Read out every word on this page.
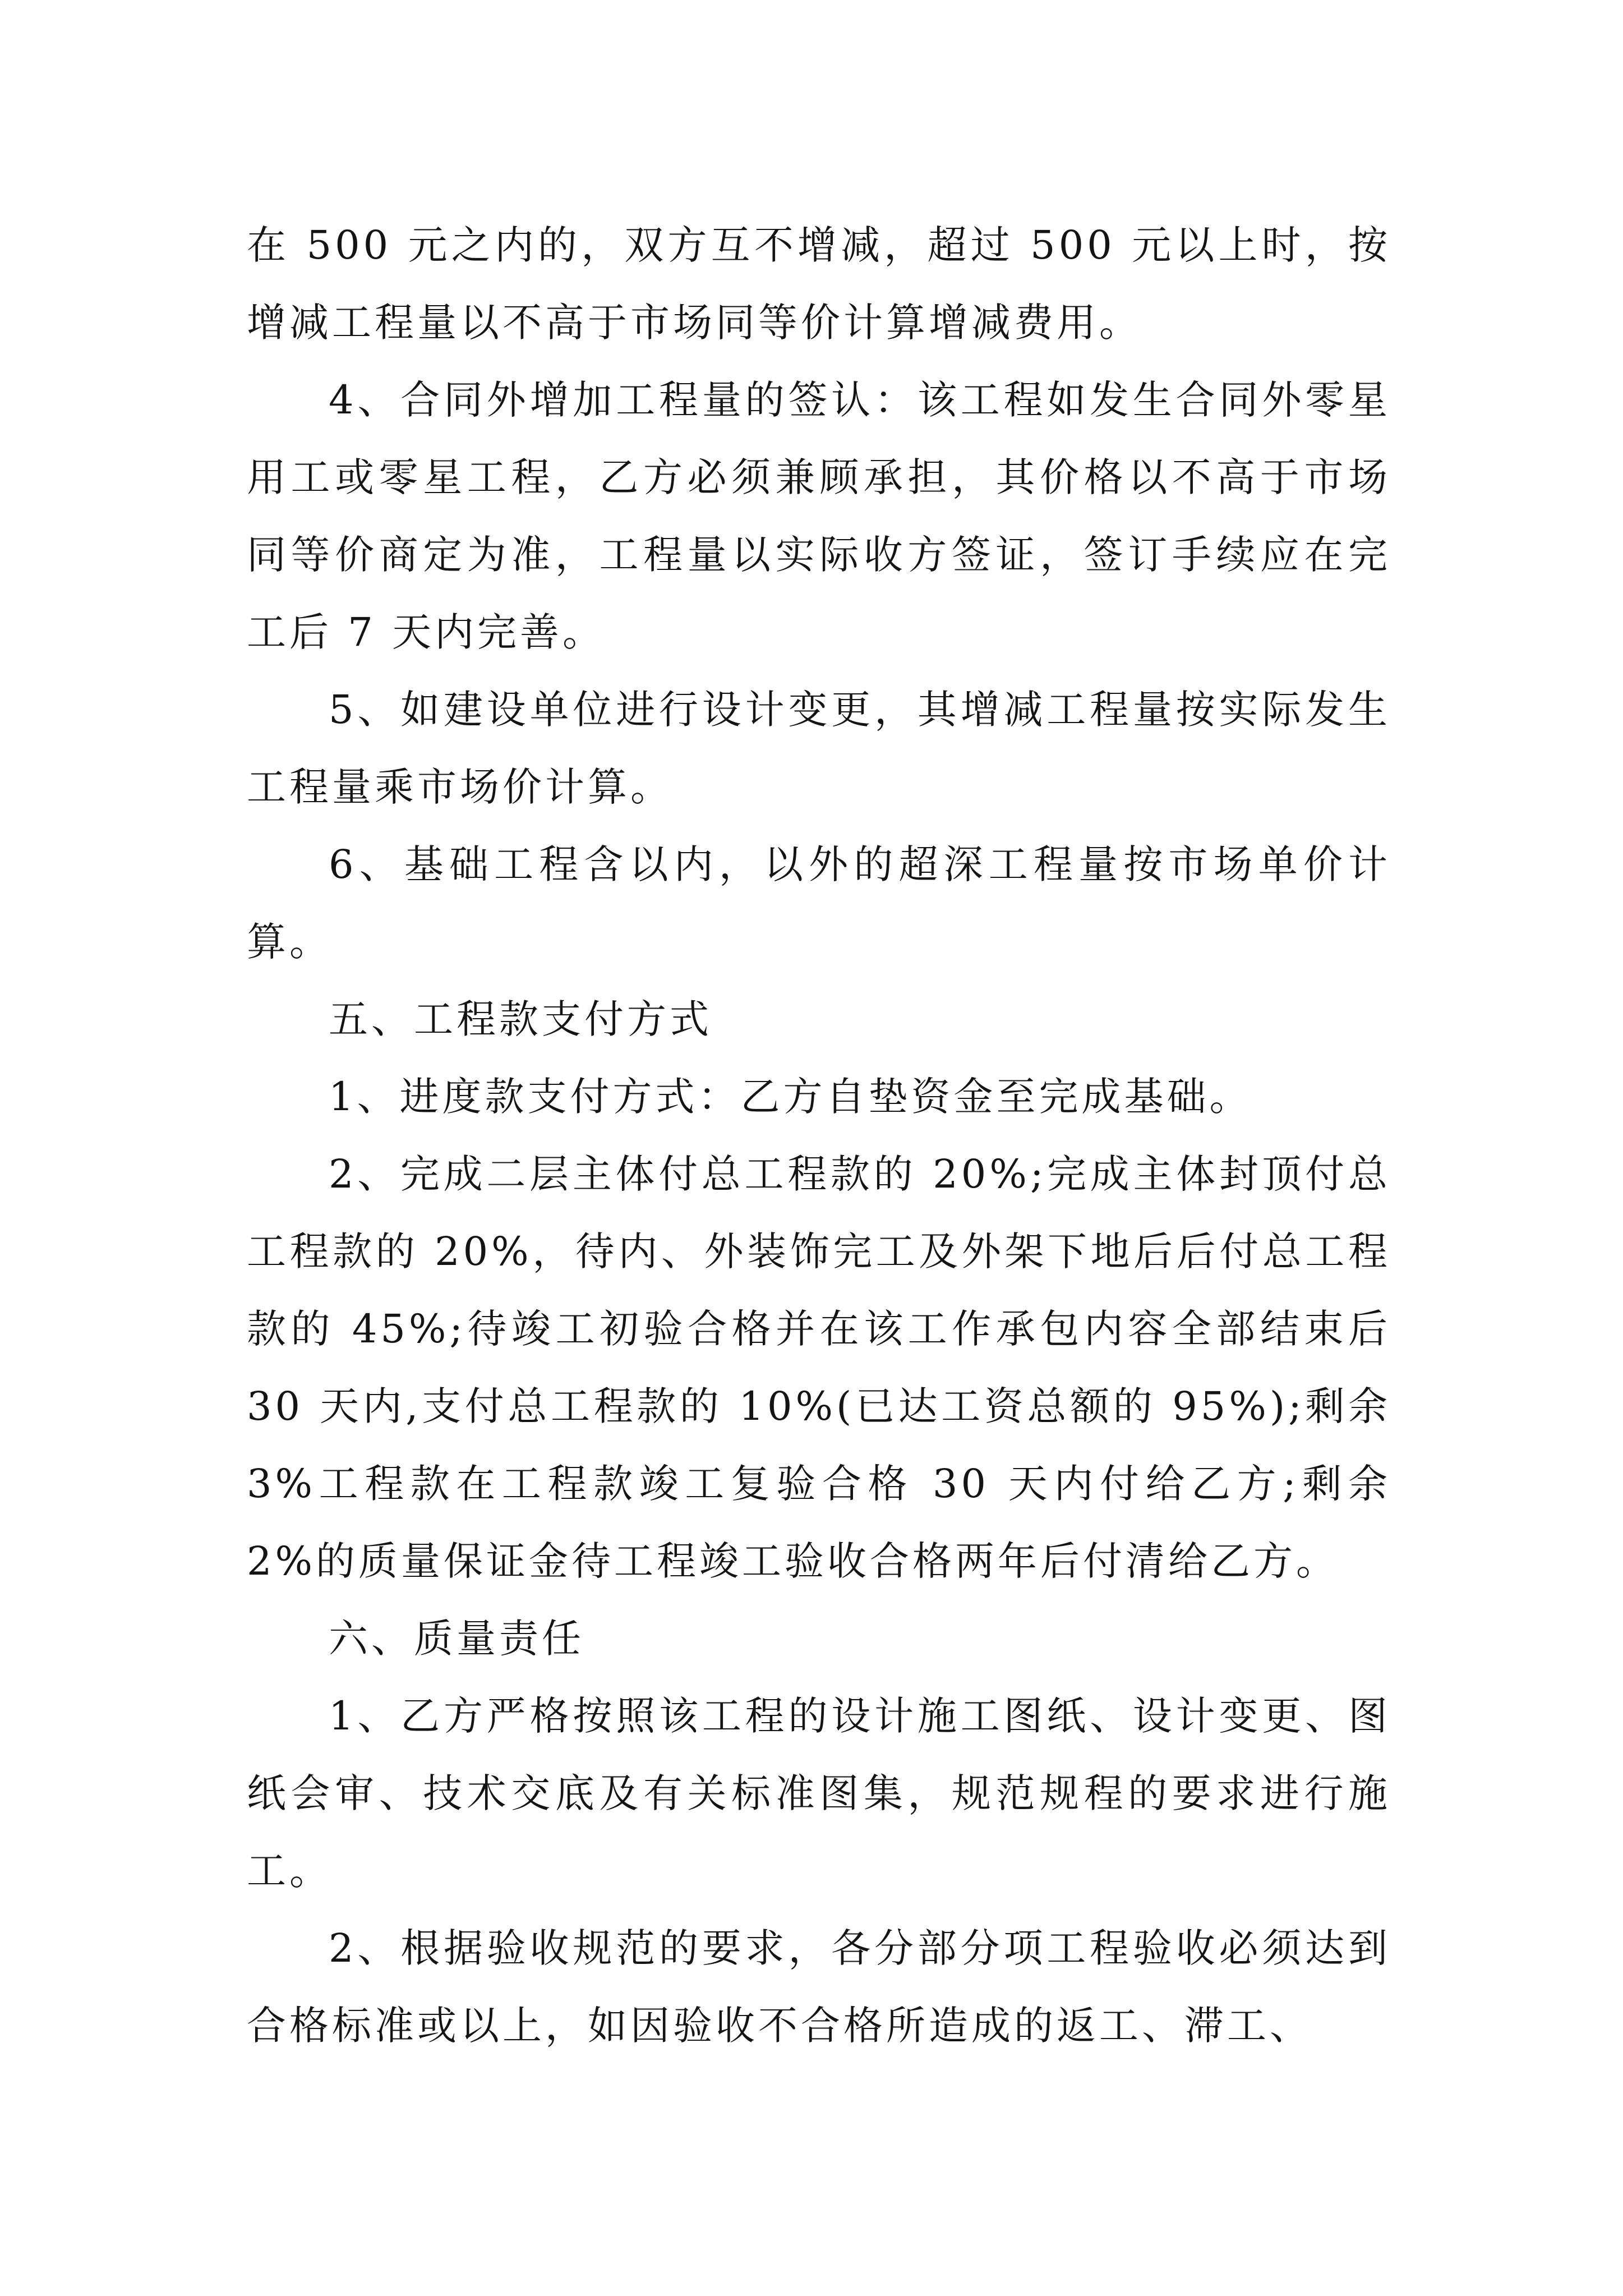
在 500 元之内的，双方互不增减，超过 500 元以上时，按增减工程量以不高于市场同等价计算增减费用。

4、合同外增加工程量的签认：该工程如发生合同外零星用工或零星工程，乙方必须兼顾承担，其价格以不高于市场同等价商定为准，工程量以实际收方签证，签订手续应在完工后 7 天内完善。

5、如建设单位进行设计变更，其增减工程量按实际发生工程量乘市场价计算。

6、基础工程含以内，以外的超深工程量按市场单价计算。

五、工程款支付方式

1、进度款支付方式：乙方自垫资金至完成基础。

2、完成二层主体付总工程款的 20%;完成主体封顶付总工程款的 20%，待内、外装饰完工及外架下地后后付总工程款的 45%;待竣工初验合格并在该工作承包内容全部结束后 30 天内,支付总工程款的 10%(已达工资总额的 95%);剩余 3%工程款在工程款竣工复验合格 30 天内付给乙方;剩余 2%的质量保证金待工程竣工验收合格两年后付清给乙方。

六、质量责任

1、乙方严格按照该工程的设计施工图纸、设计变更、图纸会审、技术交底及有关标准图集，规范规程的要求进行施工。

2、根据验收规范的要求，各分部分项工程验收必须达到合格标准或以上，如因验收不合格所造成的返工、滞工、
